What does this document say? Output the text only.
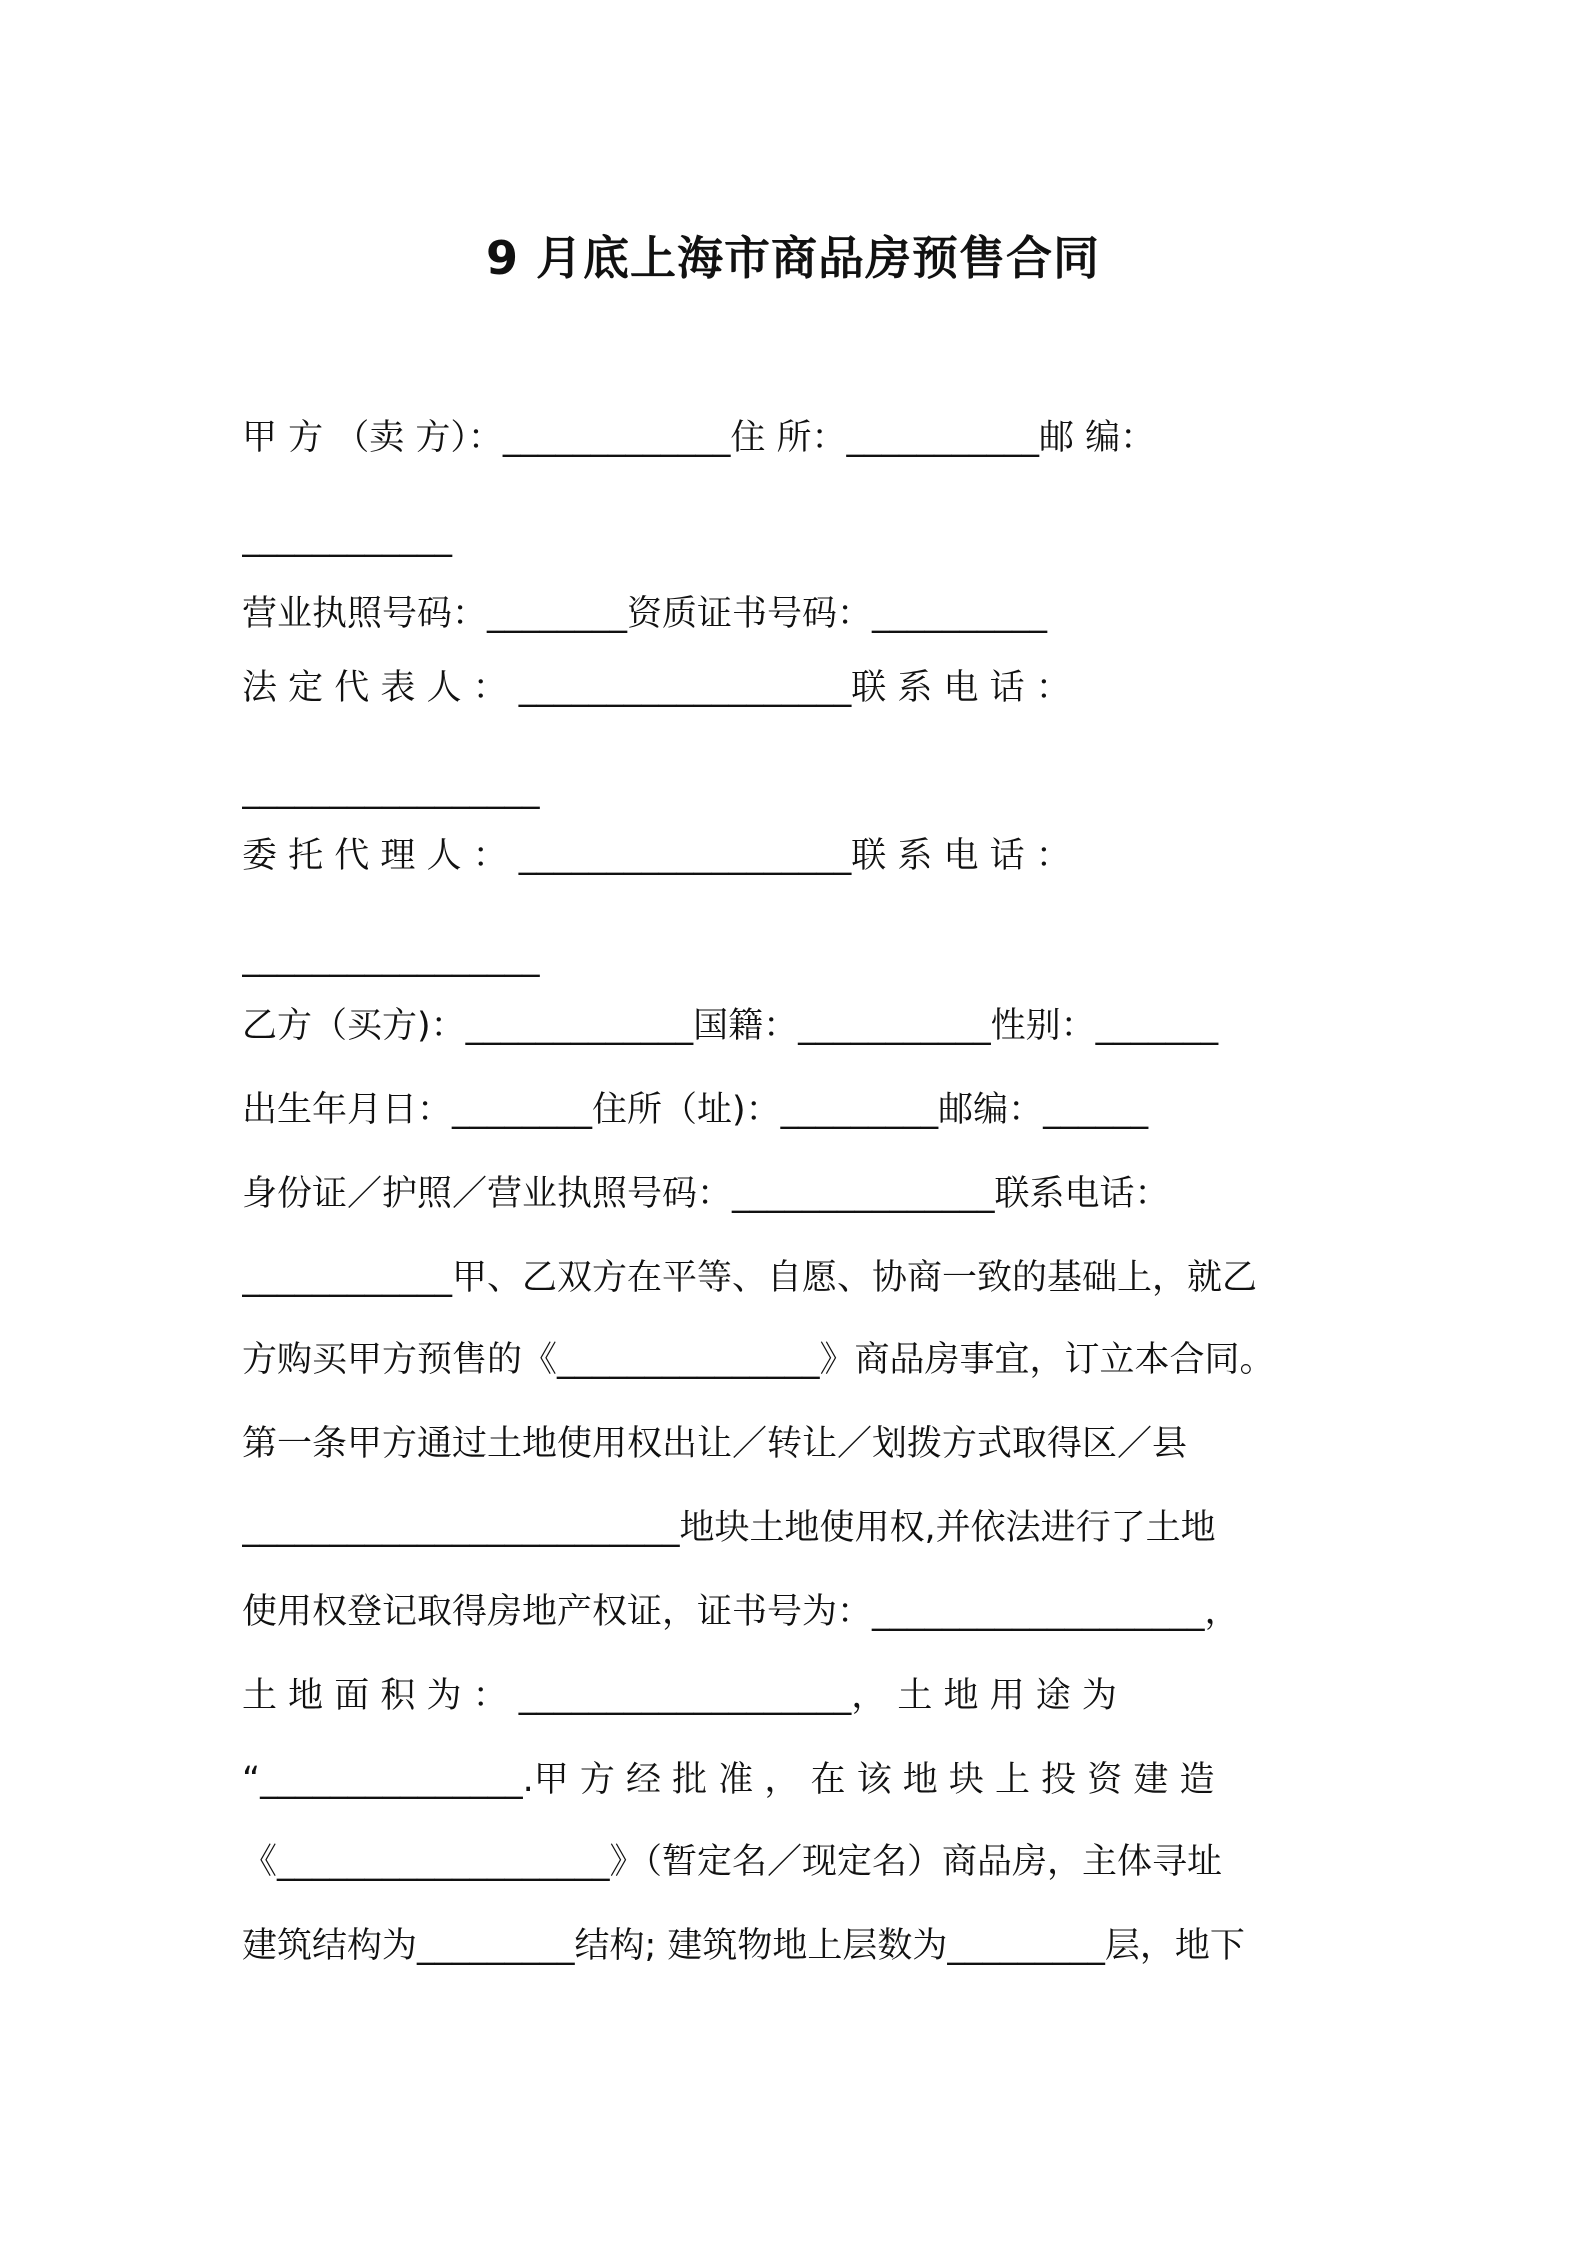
9 月底上海市商品房预售合同
甲 方 （卖 方）：_____________住 所：___________邮 编：
____________
营业执照号码：________资质证书号码：__________
法 定 代 表 人 ： ___________________联 系 电 话 ：
_________________
委 托 代 理 人 ： ___________________联 系 电 话 ：
_________________
乙方（买方)：_____________国籍：___________性别：_______
出生年月日：________住所（址)：_________邮编：______
身份证／护照／营业执照号码：_______________联系电话：
____________甲、乙双方在平等、自愿、协商一致的基础上，就乙
方购买甲方预售的《_______________》商品房事宜，订立本合同。
第一条甲方通过土地使用权出让／转让／划拨方式取得区／县
_________________________地块土地使用权,并依法进行了土地
使用权登记取得房地产权证，证书号为：___________________，
土 地 面 积 为 ： ___________________， 土 地 用 途 为
“_______________.甲 方 经 批 准 ， 在 该 地 块 上 投 资 建 造
《___________________》（暂定名／现定名）商品房，主体寻址
建筑结构为_________结构; 建筑物地上层数为_________层，地下
